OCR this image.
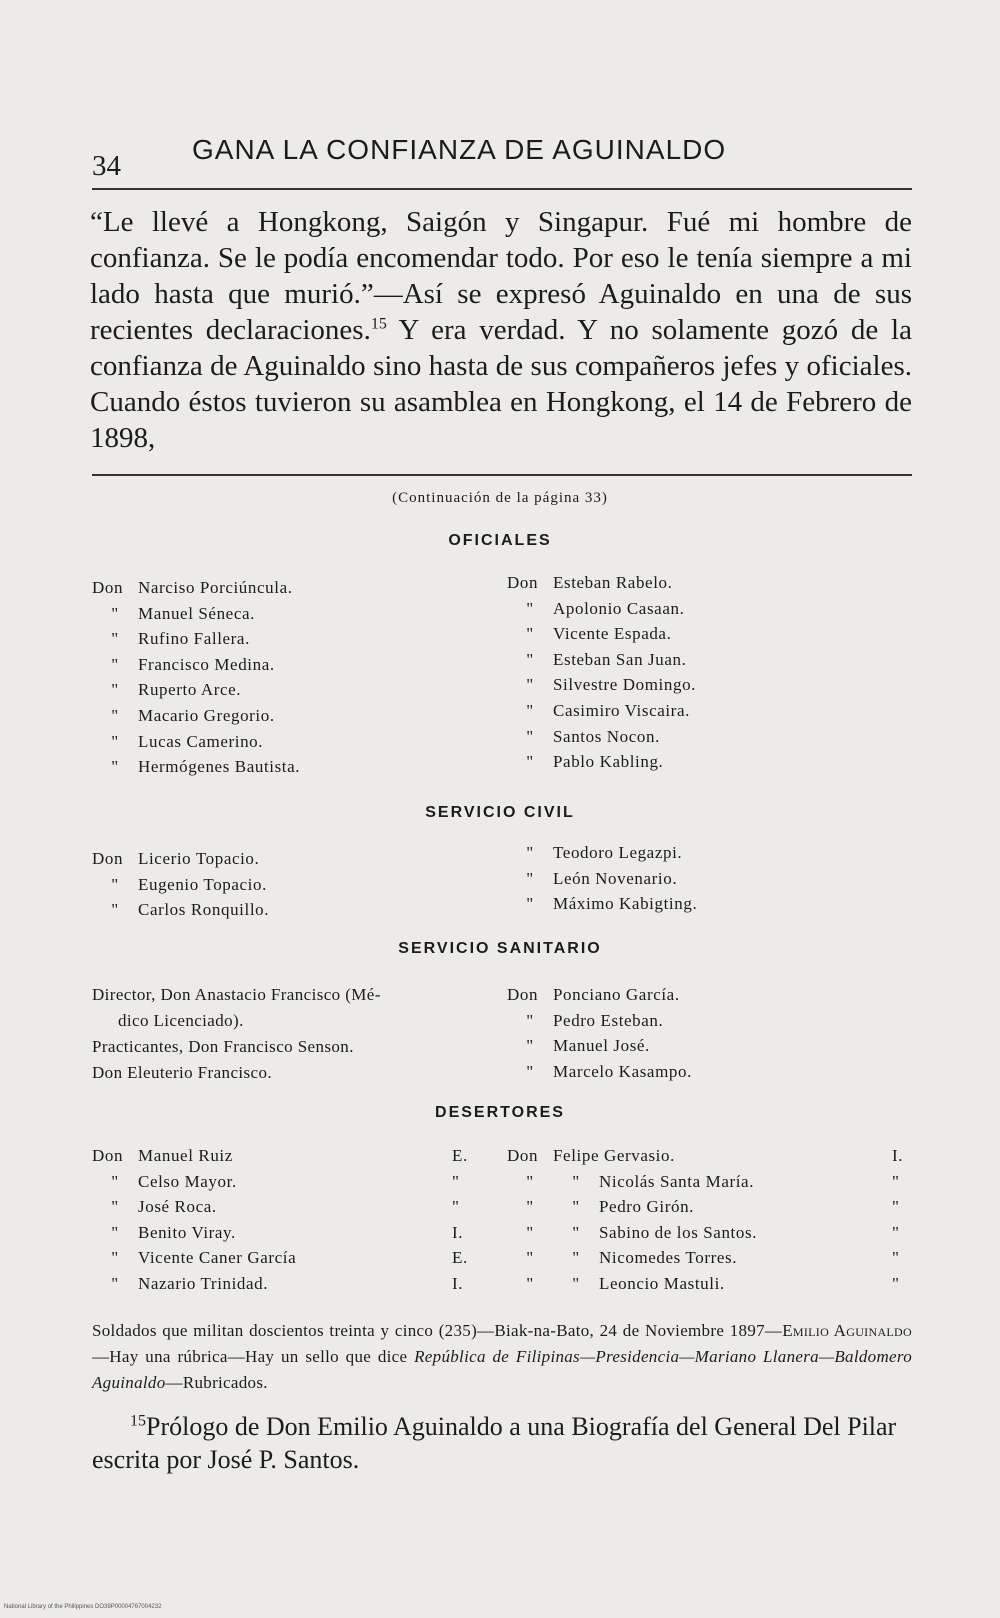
34
GANA LA CONFIANZA DE AGUINALDO
“Le llevé a Hongkong, Saigón y Singapur. Fué mi hombre de confianza. Se le podía encomendar todo. Por eso le tenía siempre a mi lado hasta que murió.”—Así se expresó Aguinaldo en una de sus recientes declaraciones.$^{15}$ Y era verdad. Y no solamente gozó de la confianza de Aguinaldo sino hasta de sus compañeros jefes y oficiales. Cuando éstos tuvieron su asamblea en Hongkong, el 14 de Febrero de 1898,
(Continuación de la página 33)
OFICIALES
Don Narciso Porciúncula.
" Manuel Séneca.
" Rufino Fallera.
" Francisco Medina.
" Ruperto Arce.
" Macario Gregorio.
" Lucas Camerino.
" Hermógenes Bautista.
Don Esteban Rabelo.
" Apolonio Casaan.
" Vicente Espada.
" Esteban San Juan.
" Silvestre Domingo.
" Casimiro Viscaira.
" Santos Nocon.
" Pablo Kabling.
SERVICIO CIVIL
Don Licerio Topacio.
" Eugenio Topacio.
" Carlos Ronquillo.
" Teodoro Legazpi.
" León Novenario.
" Máximo Kabigting.
SERVICIO SANITARIO

Director, Don Anastacio Francisco (Mé-

dico Licenciado).

Practicantes, Don Francisco Senson.

Don Eleuterio Francisco.

Don Ponciano García.
" Pedro Esteban.
" Manuel José.
" Marcelo Kasampo.
DESERTORES
Don Manuel Ruiz	E.
" Celso Mayor.	"
" José Roca.	"
" Benito Viray.	I.
" Vicente Caner García	E.
" Nazario Trinidad.	I.
Don Felipe Gervasio.	I.
" " Nicolás Santa María.	"
" " Pedro Girón.	"
" " Sabino de los Santos.	"
" " Nicomedes Torres.	"
" " Leoncio Mastuli.	"
Soldados que militan doscientos treinta y cinco (235)—Biak-na-Bato, 24 de Noviembre 1897—Emilio Aguinaldo—Hay una rúbrica—Hay un sello que dice República de Filipinas—Presidencia—Mariano Llanera—Baldomero Aguinaldo—Rubricados.
$^{15}$Prólogo de Don Emilio Aguinaldo a una Biografía del General Del Pilar escrita por José P. Santos.
National Library of the Philippines DO39P00004767004232
